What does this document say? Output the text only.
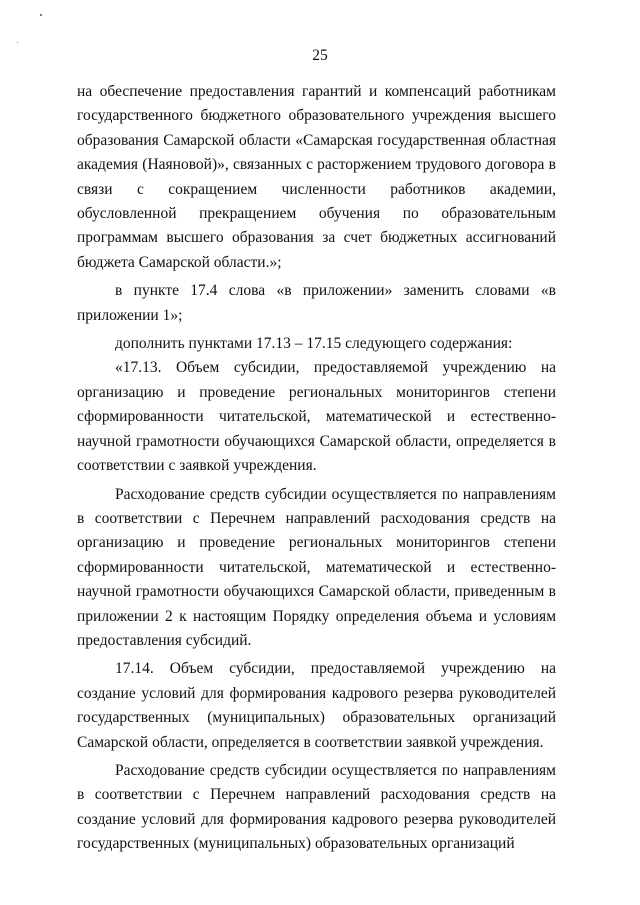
25

на обеспечение предоставления гарантий и компенсаций работникам государственного бюджетного образовательного учреждения высшего образования Самарской области «Самарская государственная областная академия (Наяновой)», связанных с расторжением трудового договора в связи с сокращением численности работников академии, обусловленной прекращением обучения по образовательным программам высшего образования за счет бюджетных ассигнований бюджета Самарской области.»;

в пункте 17.4 слова «в приложении» заменить словами «в приложении 1»;

дополнить пунктами 17.13 – 17.15 следующего содержания:

«17.13. Объем субсидии, предоставляемой учреждению на организацию и проведение региональных мониторингов степени сформированности читательской, математической и естественно-научной грамотности обучающихся Самарской области, определяется в соответствии с заявкой учреждения.

Расходование средств субсидии осуществляется по направлениям в соответствии с Перечнем направлений расходования средств на организацию и проведение региональных мониторингов степени сформированности читательской, математической и естественно-научной грамотности обучающихся Самарской области, приведенным в приложении 2 к настоящим Порядку определения объема и условиям предоставления субсидий.

17.14. Объем субсидии, предоставляемой учреждению на создание условий для формирования кадрового резерва руководителей государственных (муниципальных) образовательных организаций Самарской области, определяется в соответствии заявкой учреждения.

Расходование средств субсидии осуществляется по направлениям в соответствии с Перечнем направлений расходования средств на создание условий для формирования кадрового резерва руководителей государственных (муниципальных) образовательных организаций
